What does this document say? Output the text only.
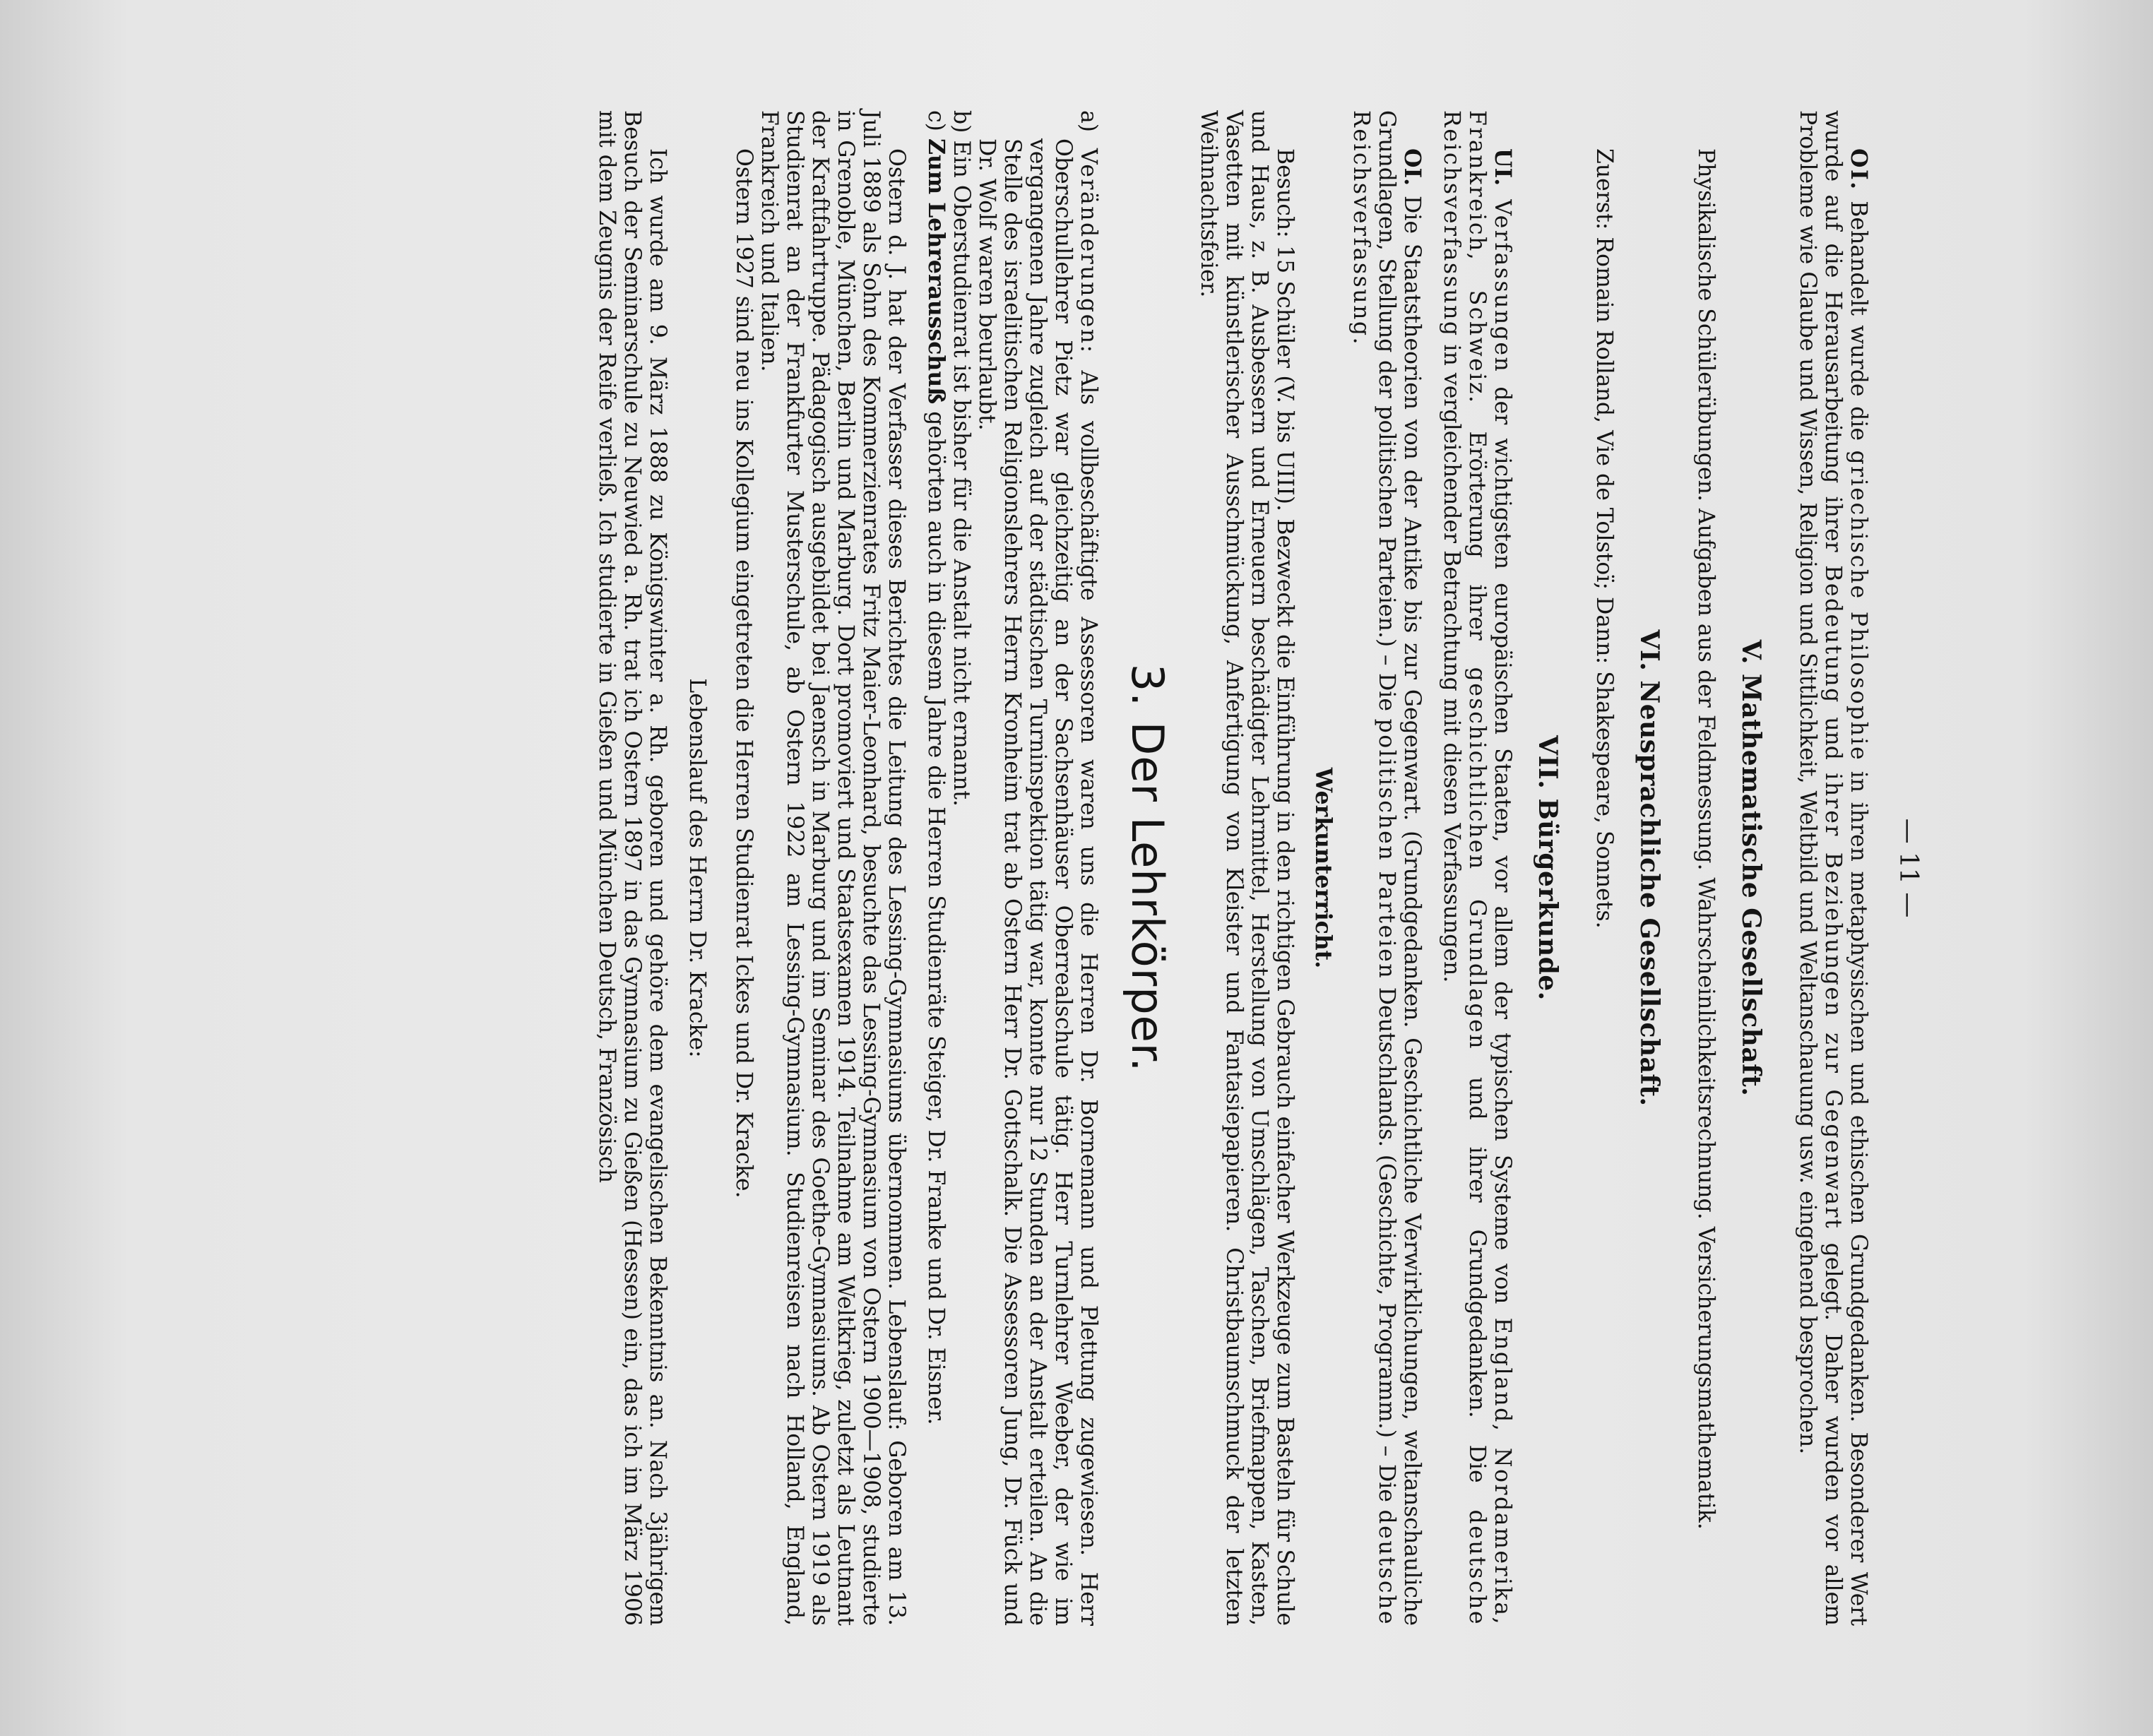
— 11 —

OI. Behandelt wurde die griechische Philosophie in ihren metaphysischen und ethischen Grundgedanken. Besonderer Wert wurde auf die Herausarbeitung ihrer Bedeutung und ihrer Beziehungen zur Gegenwart gelegt. Daher wurden vor allem Probleme wie Glaube und Wissen, Religion und Sittlichkeit, Weltbild und Weltanschauung usw. eingehend besprochen.

V. Mathematische Gesellschaft.

Physikalische Schülerübungen. Aufgaben aus der Feldmessung. Wahrscheinlichkeitsrechnung. Versicherungsmathematik.

VI. Neusprachliche Gesellschaft.

Zuerst: Romain Rolland, Vie de Tolstoï; Dann: Shakespeare, Sonnets.

VII. Bürgerkunde.

UI. Verfassungen der wichtigsten europäischen Staaten, vor allem der typischen Systeme von England, Nordamerika, Frankreich, Schweiz. Erörterung ihrer geschichtlichen Grundlagen und ihrer Grundgedanken. Die deutsche Reichsverfassung in vergleichender Betrachtung mit diesen Verfassungen.

OI. Die Staatstheorien von der Antike bis zur Gegenwart. (Grundgedanken. Geschichtliche Verwirklichungen, weltanschauliche Grundlagen, Stellung der politischen Parteien.) – Die politischen Parteien Deutschlands. (Geschichte, Programm.) – Die deutsche Reichsverfassung.

Werkunterricht.

Besuch: 15 Schüler (V. bis UIII). Bezweckt die Einführung in den richtigen Gebrauch einfacher Werkzeuge zum Basteln für Schule und Haus, z. B. Ausbessern und Erneuern beschädigter Lehrmittel, Herstellung von Umschlägen, Taschen, Briefmappen, Kasten, Vasetten mit künstlerischer Ausschmückung, Anfertigung von Kleister und Fantasiepapieren. Christbaumschmuck der letzten Weihnachtsfeier.

3. Der Lehrkörper.

a) Veränderungen: Als vollbeschäftigte Assessoren waren uns die Herren Dr. Bornemann und Plettung zugewiesen. Herr Oberschullehrer Pietz war gleichzeitig an der Sachsenhäuser Oberrealschule tätig. Herr Turnlehrer Weeber, der wie im vergangenen Jahre zugleich auf der städtischen Turninspektion tätig war, konnte nur 12 Stunden an der Anstalt erteilen. An die Stelle des israelitischen Religionslehrers Herrn Kronheim trat ab Ostern Herr Dr. Gottschalk. Die Assessoren Jung, Dr. Fück und Dr. Wolf waren beurlaubt.

b) Ein Oberstudienrat ist bisher für die Anstalt nicht ernannt.

c) Zum Lehrerausschuß gehörten auch in diesem Jahre die Herren Studienräte Steiger, Dr. Franke und Dr. Eisner.

Ostern d. J. hat der Verfasser dieses Berichtes die Leitung des Lessing-Gymnasiums übernommen. Lebenslauf: Geboren am 13. Juli 1889 als Sohn des Kommerzienrates Fritz Maier-Leonhard, besuchte das Lessing-Gymnasium von Ostern 1900—1908, studierte in Grenoble, München, Berlin und Marburg. Dort promoviert und Staatsexamen 1914. Teilnahme am Weltkrieg, zuletzt als Leutnant der Kraftfahrtruppe. Pädagogisch ausgebildet bei Jaensch in Marburg und im Seminar des Goethe-Gymnasiums. Ab Ostern 1919 als Studienrat an der Frankfurter Musterschule, ab Ostern 1922 am Lessing-Gymnasium. Studienreisen nach Holland, England, Frankreich und Italien.

Ostern 1927 sind neu ins Kollegium eingetreten die Herren Studienrat Ickes und Dr. Kracke.

Lebenslauf des Herrn Dr. Kracke:

Ich wurde am 9. März 1888 zu Königswinter a. Rh. geboren und gehöre dem evangelischen Bekenntnis an. Nach 3jährigem Besuch der Seminarschule zu Neuwied a. Rh. trat ich Ostern 1897 in das Gymnasium zu Gießen (Hessen) ein, das ich im März 1906 mit dem Zeugnis der Reife verließ. Ich studierte in Gießen und München Deutsch, Französisch
